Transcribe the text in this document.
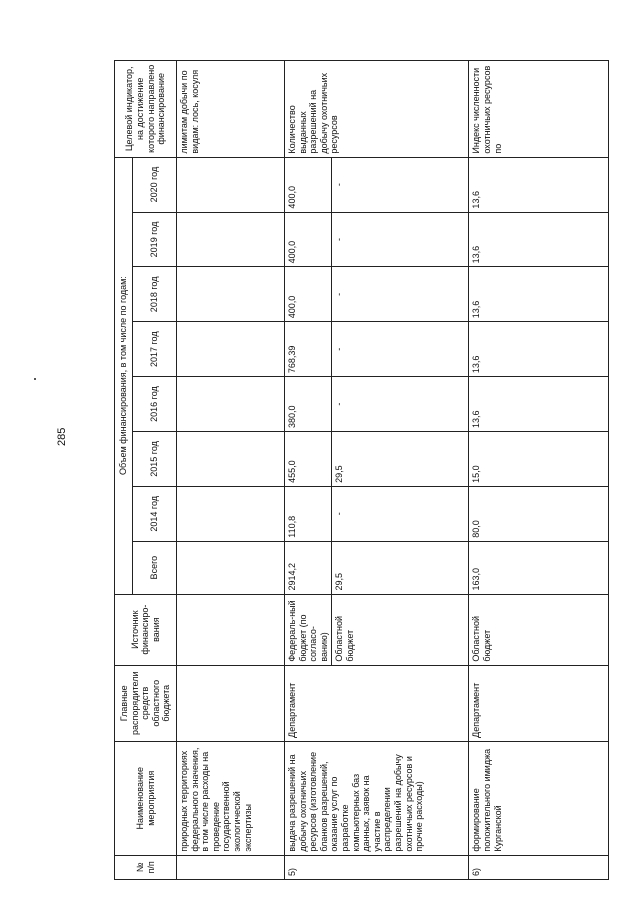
285
№ п/п	Наименование мероприятия	Главные распорядители средств областного бюджета	Источник финансиро-вания	Объем финансирования, в том числе по годам:								Целевой индикатор, на достижение которого направлено финансирование
				Всего	2014 год	2015 год	2016 год	2017 год	2018 год	2019 год	2020 год	
	природных территориях федерального значения, в том числе расходы на проведение государственной экологической экспертизы											лимитам добычи по видам: лось, косуля
5)	выдача разрешений на добычу охотничьих ресурсов (изготовление бланков разрешений, оказание услуг по разработке компьютерных баз данных, заявок на участие в распределении разрешений на добычу охотничьих ресурсов и прочие расходы)	Департамент	Федераль-ный бюджет (по согласо-ванию)	2914,2	110,8	455,0	380,0	768,39	400,0	400,0	400,0	Количество выданных разрешений на добычу охотничьих ресурсов
			Областной бюджет	29,5	-	29,5	-	-	-	-	-	
6)	формирование положительного имиджа Курганской	Департамент	Областной бюджет	163,0	80,0	15,0	13,6	13,6	13,6	13,6	13,6	Индекс численности охотничьих ресурсов по
